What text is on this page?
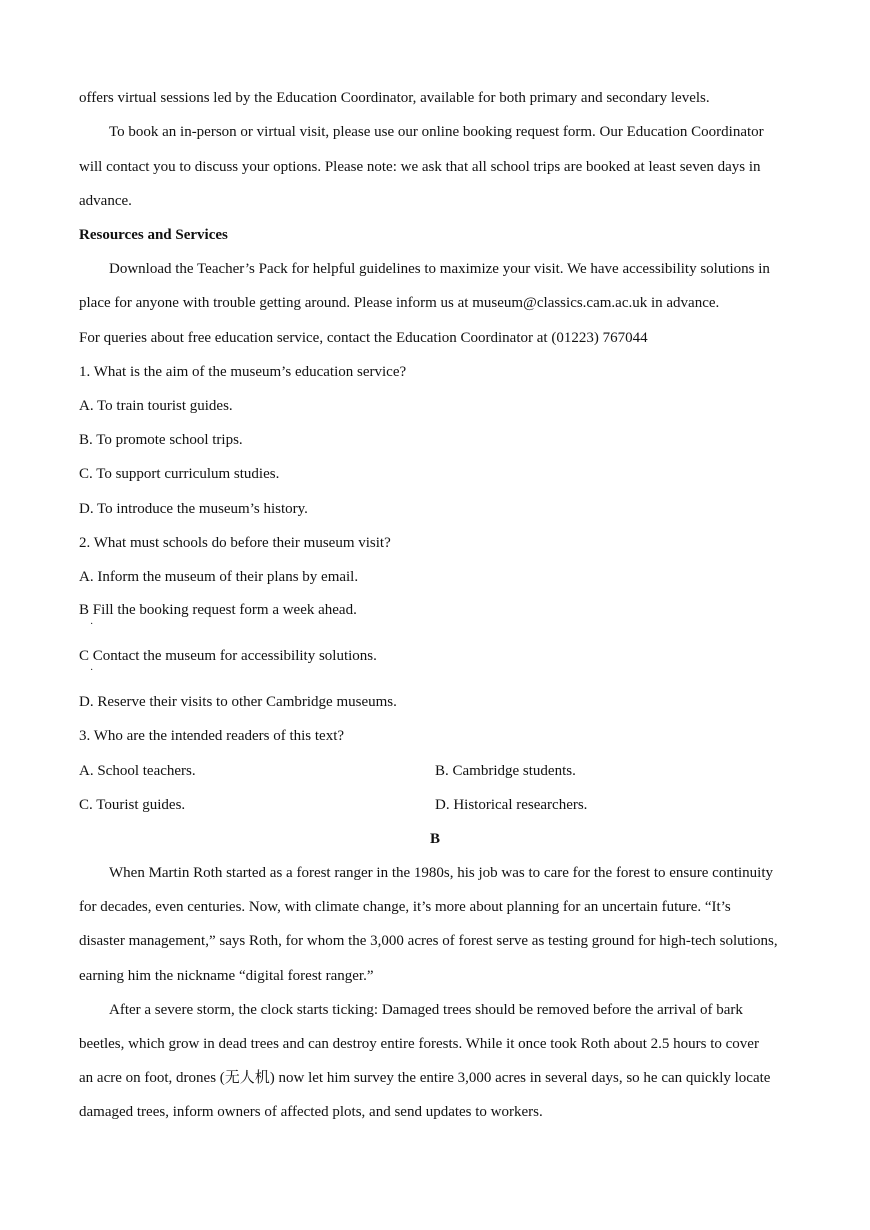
offers virtual sessions led by the Education Coordinator, available for both primary and secondary levels.
To book an in-person or virtual visit, please use our online booking request form. Our Education Coordinator
will contact you to discuss your options. Please note: we ask that all school trips are booked at least seven days in
advance.
Resources and Services
Download the Teacher’s Pack for helpful guidelines to maximize your visit. We have accessibility solutions in
place for anyone with trouble getting around. Please inform us at museum@classics.cam.ac.uk in advance.
For queries about free education service, contact the Education Coordinator at (01223) 767044
1. What is the aim of the museum’s education service?
A. To train tourist guides.
B. To promote school trips.
C. To support curriculum studies.
D. To introduce the museum’s history.
2. What must schools do before their museum visit?
A. Inform the museum of their plans by email.
B Fill the booking request form a week ahead.
·
C Contact the museum for accessibility solutions.
·
D. Reserve their visits to other Cambridge museums.
3. Who are the intended readers of this text?
A. School teachers.	B. Cambridge students.
C. Tourist guides.	D. Historical researchers.
B
When Martin Roth started as a forest ranger in the 1980s, his job was to care for the forest to ensure continuity
for decades, even centuries. Now, with climate change, it’s more about planning for an uncertain future. “It’s
disaster management,” says Roth, for whom the 3,000 acres of forest serve as testing ground for high-tech solutions,
earning him the nickname “digital forest ranger.”
After a severe storm, the clock starts ticking: Damaged trees should be removed before the arrival of bark
beetles, which grow in dead trees and can destroy entire forests. While it once took Roth about 2.5 hours to cover
an acre on foot, drones (无人机) now let him survey the entire 3,000 acres in several days, so he can quickly locate
damaged trees, inform owners of affected plots, and send updates to workers.
